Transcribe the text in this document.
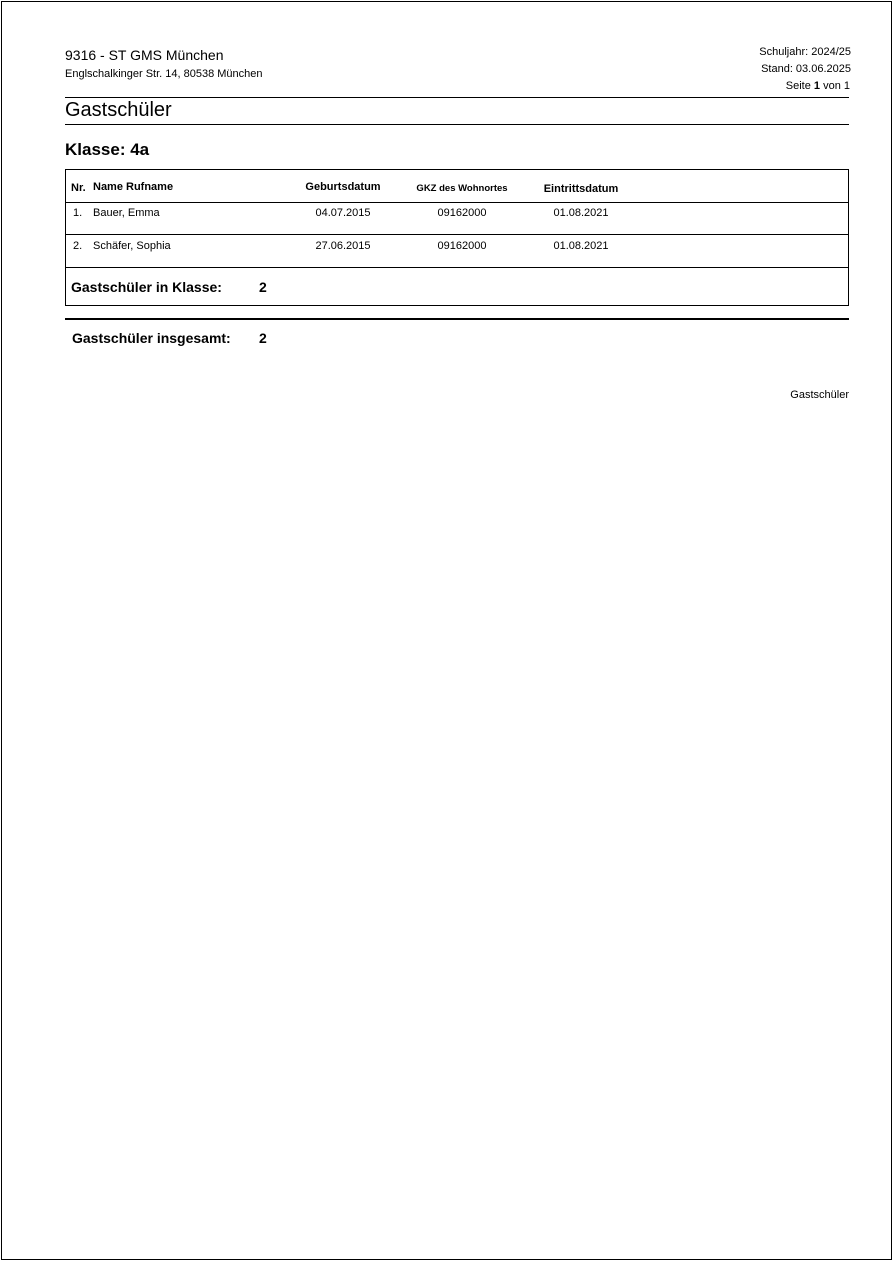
9316 - ST GMS München
Englschalkinger Str. 14, 80538 München
Schuljahr: 2024/25
Stand: 03.06.2025
Seite 1 von 1
Gastschüler
Klasse: 4a
Nr. Name Rufname	Geburtsdatum	GKZ des Wohnortes	Eintrittsdatum
1. Bauer, Emma	04.07.2015	09162000	01.08.2021
2. Schäfer, Sophia	27.06.2015	09162000	01.08.2021
Gastschüler in Klasse:	2
Gastschüler insgesamt: 2
Gastschüler
